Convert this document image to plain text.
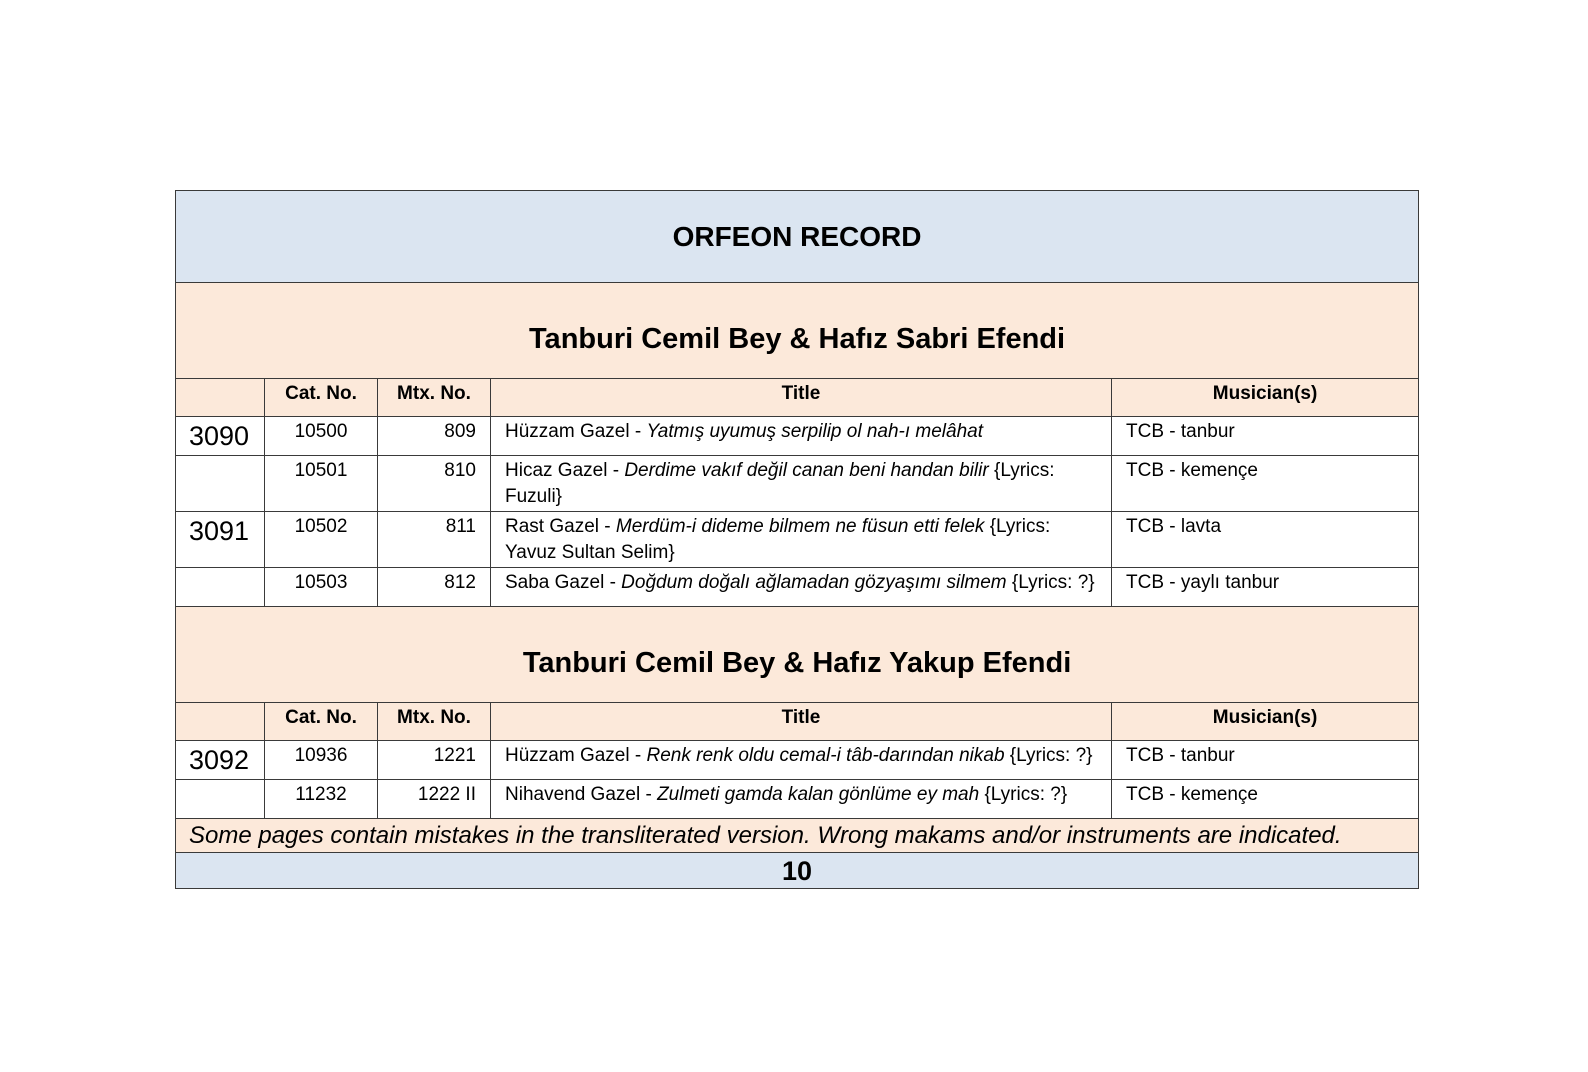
ORFEON RECORD				
Tanburi Cemil Bey & Hafız Sabri Efendi				
	Cat. No.	Mtx. No.	Title	Musician(s)
3090	10500	809	Hüzzam Gazel - Yatmış uyumuş serpilip ol nah-ı melâhat	TCB - tanbur
	10501	810	Hicaz Gazel - Derdime vakıf değil canan beni handan bilir {Lyrics: Fuzuli}	TCB - kemençe
3091	10502	811	Rast Gazel - Merdüm-i dideme bilmem ne füsun etti felek {Lyrics: Yavuz Sultan Selim}	TCB - lavta
	10503	812	Saba Gazel - Doğdum doğalı ağlamadan gözyaşımı silmem {Lyrics: ?}	TCB - yaylı tanbur
Tanburi Cemil Bey & Hafız Yakup Efendi				
	Cat. No.	Mtx. No.	Title	Musician(s)
3092	10936	1221	Hüzzam Gazel - Renk renk oldu cemal-i tâb-darından nikab {Lyrics: ?}	TCB - tanbur
	11232	1222 II	Nihavend Gazel - Zulmeti gamda kalan gönlüme ey mah {Lyrics: ?}	TCB - kemençe
Some pages contain mistakes in the transliterated version. Wrong makams and/or instruments are indicated.				
10				
